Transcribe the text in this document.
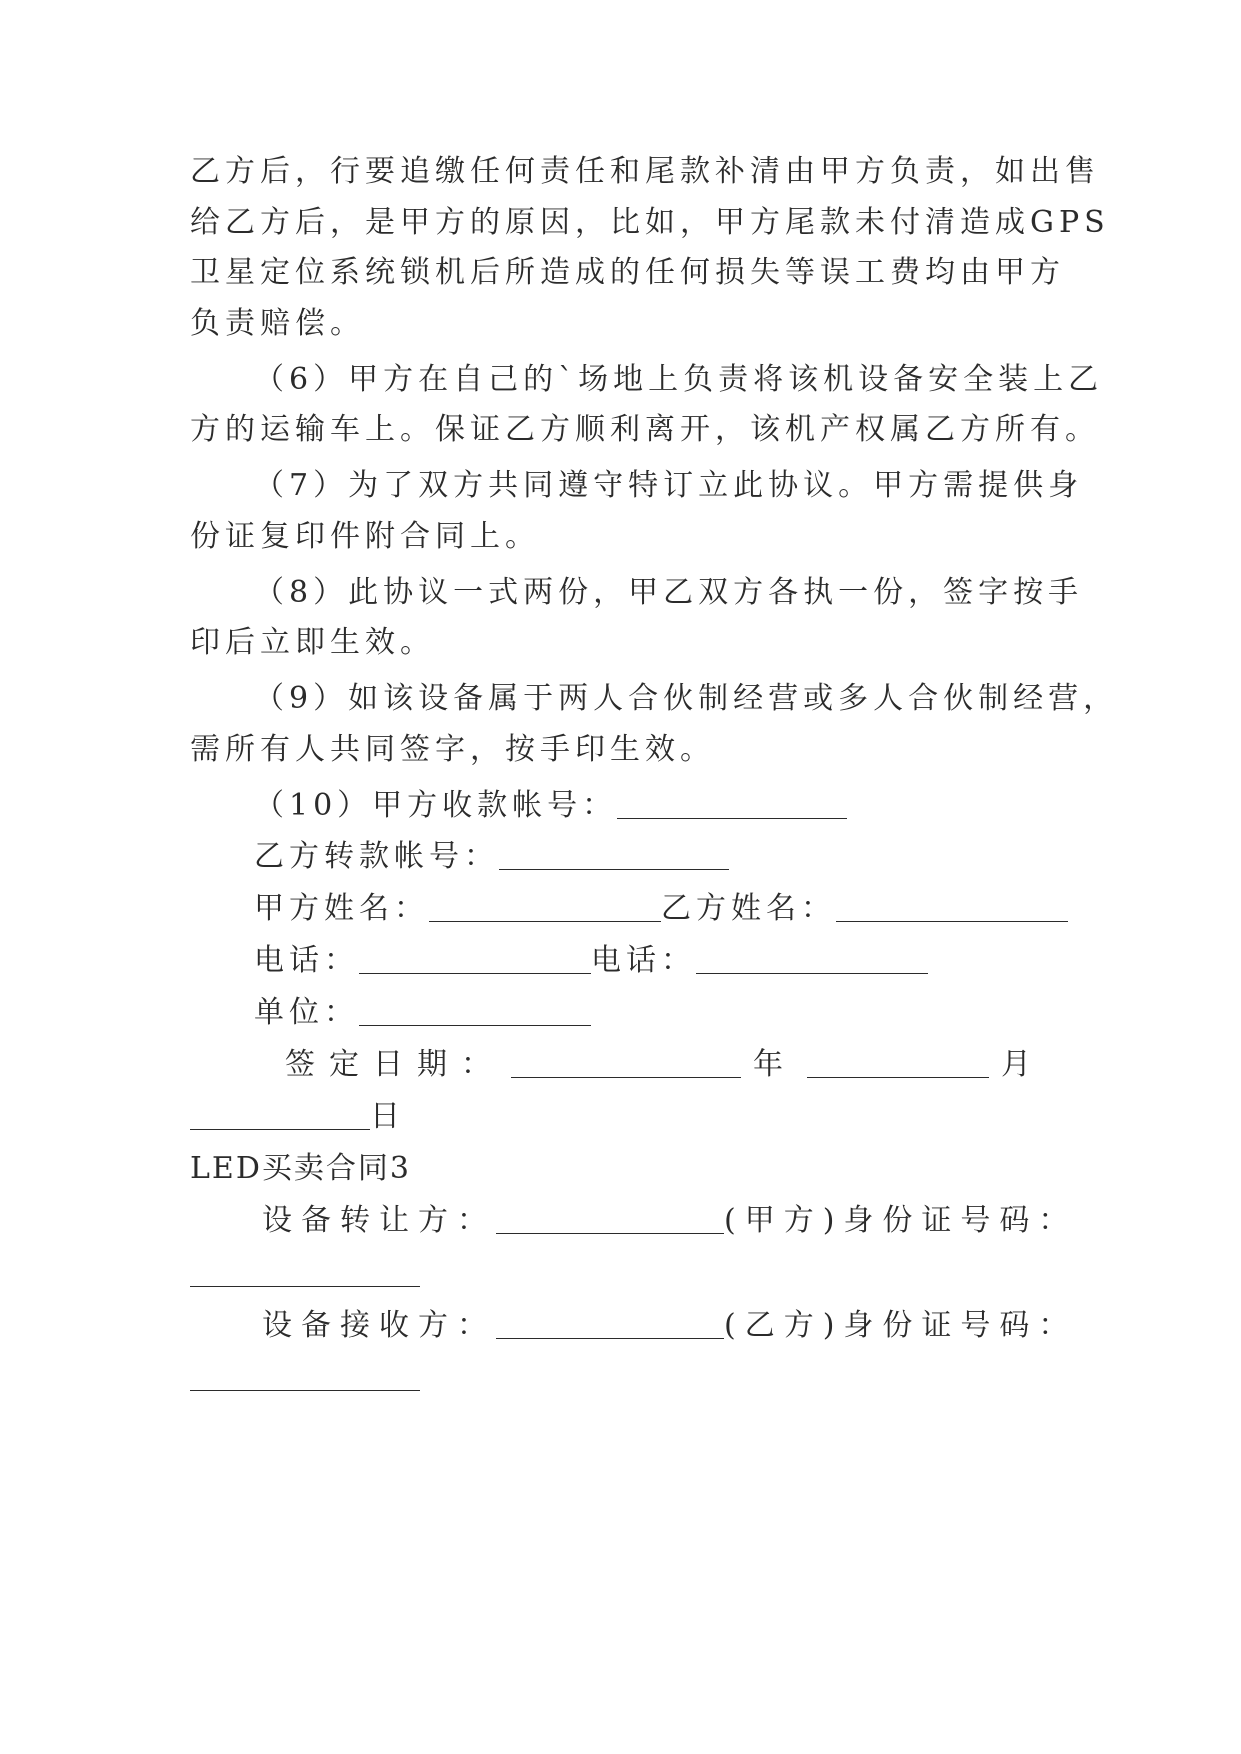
乙方后，行要追缴任何责任和尾款补清由甲方负责，如出售
给乙方后，是甲方的原因，比如，甲方尾款未付清造成GPS
卫星定位系统锁机后所造成的任何损失等误工费均由甲方
负责赔偿。
（6）甲方在自己的`场地上负责将该机设备安全装上乙
方的运输车上。保证乙方顺利离开，该机产权属乙方所有。
（7）为了双方共同遵守特订立此协议。甲方需提供身
份证复印件附合同上。
（8）此协议一式两份，甲乙双方各执一份，签字按手
印后立即生效。
（9）如该设备属于两人合伙制经营或多人合伙制经营，
需所有人共同签字，按手印生效。
（10）甲方收款帐号：
乙方转款帐号：
甲方姓名：	乙方姓名：
电话：	电话：
单位：
签定日期：	年	月
日
LED买卖合同3
设备转让方：	(甲方)身份证号码：
设备接收方：	(乙方)身份证号码：
